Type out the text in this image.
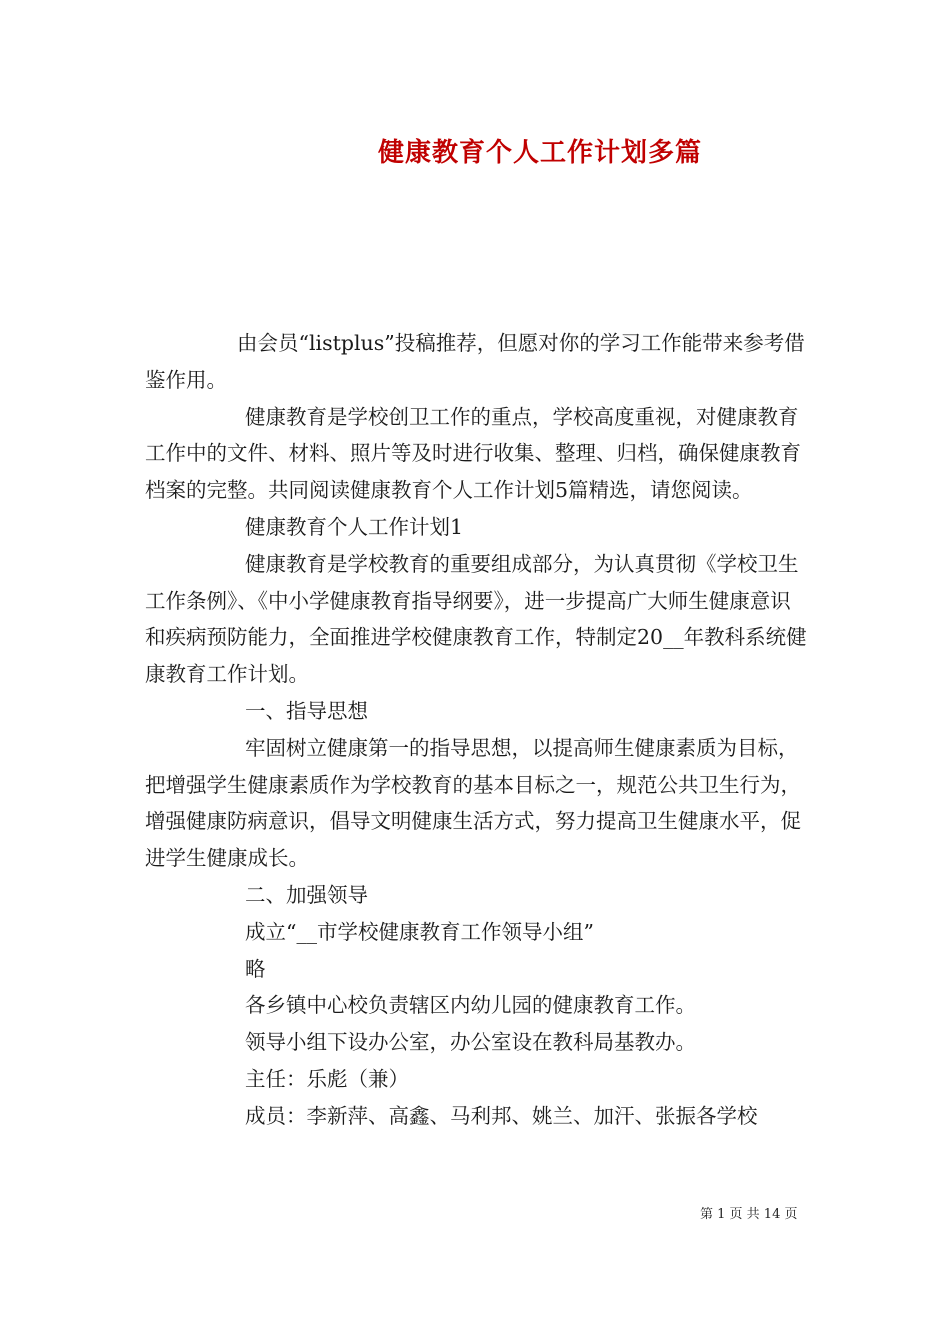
健康教育个人工作计划多篇

由会员“listplus”投稿推荐，但愿对你的学习工作能带来参考借鉴作用。

健康教育是学校创卫工作的重点，学校高度重视，对健康教育工作中的文件、材料、照片等及时进行收集、整理、归档，确保健康教育档案的完整。共同阅读健康教育个人工作计划5篇精选，请您阅读。

健康教育个人工作计划1

健康教育是学校教育的重要组成部分，为认真贯彻《学校卫生工作条例》、《中小学健康教育指导纲要》，进一步提高广大师生健康意识和疾病预防能力，全面推进学校健康教育工作，特制定20__年教科系统健康教育工作计划。

一、指导思想

牢固树立健康第一的指导思想，以提高师生健康素质为目标，把增强学生健康素质作为学校教育的基本目标之一，规范公共卫生行为，增强健康防病意识，倡导文明健康生活方式，努力提高卫生健康水平，促进学生健康成长。

二、加强领导

成立“__市学校健康教育工作领导小组”

略

各乡镇中心校负责辖区内幼儿园的健康教育工作。

领导小组下设办公室，办公室设在教科局基教办。

主任：乐彪（兼）

成员：李新萍、高鑫、马利邦、姚兰、加汗、张振各学校

第 1 页 共 14 页
